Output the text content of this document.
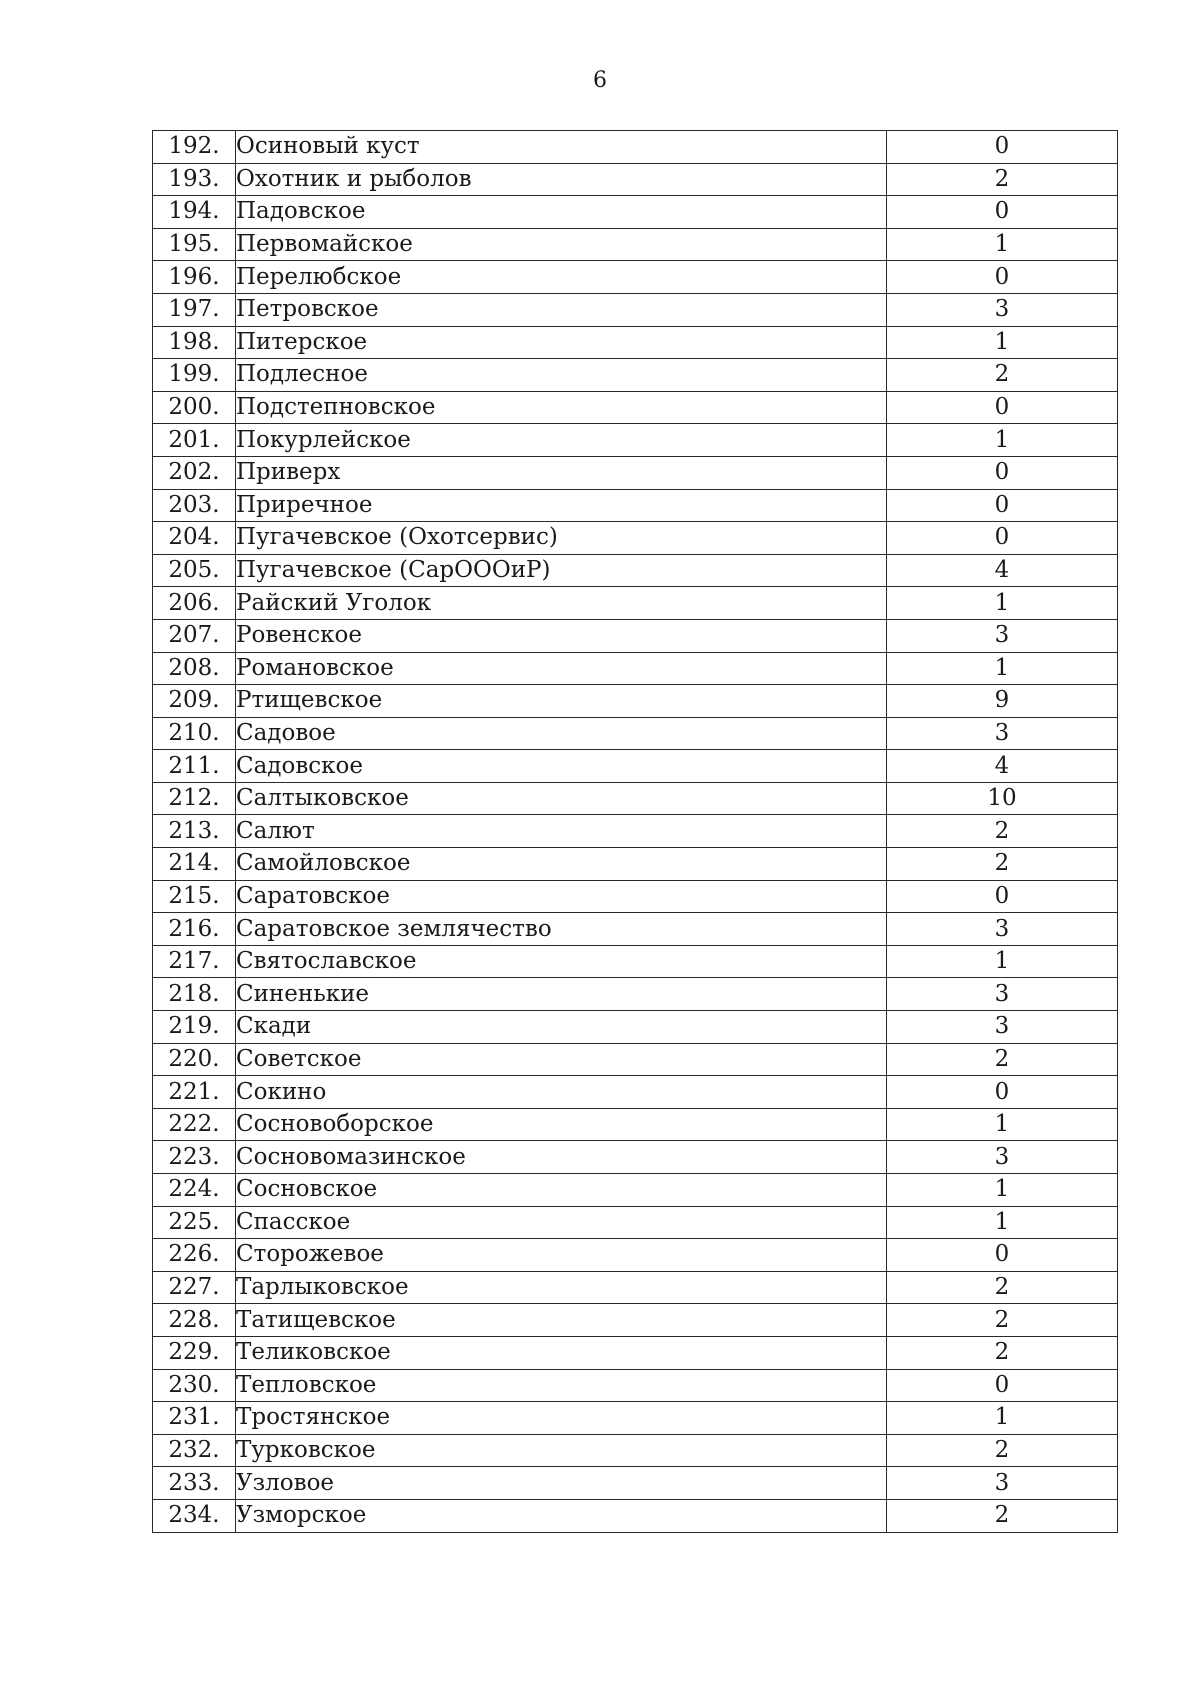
6
192.	Осиновый куст	0
193.	Охотник и рыболов	2
194.	Падовское	0
195.	Первомайское	1
196.	Перелюбское	0
197.	Петровское	3
198.	Питерское	1
199.	Подлесное	2
200.	Подстепновское	0
201.	Покурлейское	1
202.	Приверх	0
203.	Приречное	0
204.	Пугачевское (Охотсервис)	0
205.	Пугачевское (СарОООиР)	4
206.	Райский Уголок	1
207.	Ровенское	3
208.	Романовское	1
209.	Ртищевское	9
210.	Садовое	3
211.	Садовское	4
212.	Салтыковское	10
213.	Салют	2
214.	Самойловское	2
215.	Саратовское	0
216.	Саратовское землячество	3
217.	Святославское	1
218.	Синенькие	3
219.	Скади	3
220.	Советское	2
221.	Сокино	0
222.	Сосновоборское	1
223.	Сосновомазинское	3
224.	Сосновское	1
225.	Спасское	1
226.	Сторожевое	0
227.	Тарлыковское	2
228.	Татищевское	2
229.	Теликовское	2
230.	Тепловское	0
231.	Тростянское	1
232.	Турковское	2
233.	Узловое	3
234.	Узморское	2
